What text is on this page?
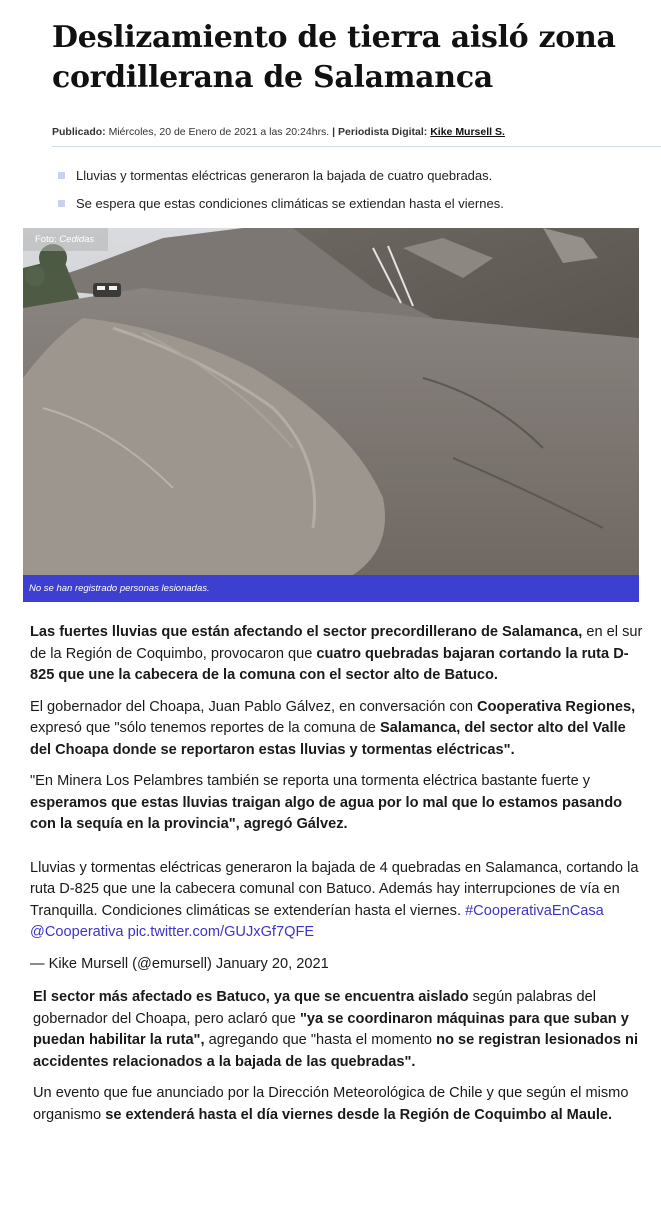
Deslizamiento de tierra aisló zona cordillerana de Salamanca
Publicado: Miércoles, 20 de Enero de 2021 a las 20:24hrs. | Periodista Digital: Kike Mursell S.
Lluvias y tormentas eléctricas generaron la bajada de cuatro quebradas.
Se espera que estas condiciones climáticas se extiendan hasta el viernes.
Foto: Cedidas
No se han registrado personas lesionadas.

Las fuertes lluvias que están afectando el sector precordillerano de Salamanca, en el sur de la Región de Coquimbo, provocaron que cuatro quebradas bajaran cortando la ruta D-825 que une la cabecera de la comuna con el sector alto de Batuco.

El gobernador del Choapa, Juan Pablo Gálvez, en conversación con Cooperativa Regiones, expresó que "sólo tenemos reportes de la comuna de Salamanca, del sector alto del Valle del Choapa donde se reportaron estas lluvias y tormentas eléctricas".

"En Minera Los Pelambres también se reporta una tormenta eléctrica bastante fuerte y esperamos que estas lluvias traigan algo de agua por lo mal que lo estamos pasando con la sequía en la provincia", agregó Gálvez.

Lluvias y tormentas eléctricas generaron la bajada de 4 quebradas en Salamanca, cortando la ruta D-825 que une la cabecera comunal con Batuco. Además hay interrupciones de vía en Tranquilla. Condiciones climáticas se extenderían hasta el viernes. #CooperativaEnCasa @Cooperativa pic.twitter.com/GUJxGf7QFE

— Kike Mursell (@emursell) January 20, 2021

El sector más afectado es Batuco, ya que se encuentra aislado según palabras del gobernador del Choapa, pero aclaró que "ya se coordinaron máquinas para que suban y puedan habilitar la ruta", agregando que "hasta el momento no se registran lesionados ni accidentes relacionados a la bajada de las quebradas".

Un evento que fue anunciado por la Dirección Meteorológica de Chile y que según el mismo organismo se extenderá hasta el día viernes desde la Región de Coquimbo al Maule.
